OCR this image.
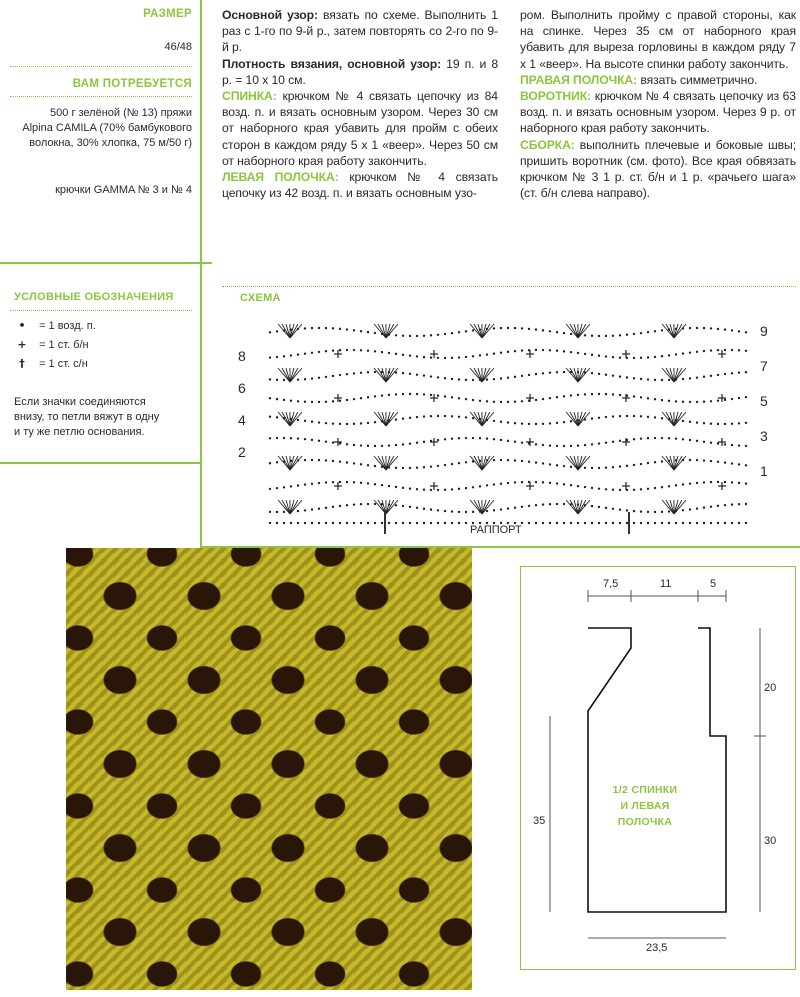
РАЗМЕР
46/48
ВАМ ПОТРЕБУЕТСЯ
500 г зелёной (№ 13) пряжи
Alpina CAMILA (70% бамбукового
волокна, 30% хлопка, 75 м/50 г)
крючки GAMMA № 3 и № 4
УСЛОВНЫЕ ОБОЗНАЧЕНИЯ
• = 1 возд. п.
+ = 1 ст. б/н
† = 1 ст. с/н
Если значки соединяются
внизу, то петли вяжут в одну
и ту же петлю основания.

Основной узор: вязать по схеме. Выполнить 1 раз с 1-го по 9-й р., затем повторять со 2-го по 9-й р.

Плотность вязания, основной узор: 19 п. и 8 р. = 10 х 10 см.

СПИНКА: крючком № 4 связать цепочку из 84 возд. п. и вязать основным узором. Через 30 см от наборного края убавить для пройм с обеих сторон в каждом ряду 5 х 1 «веер». Через 50 см от наборного края работу закончить.

ЛЕВАЯ ПОЛОЧКА: крючком № 4 связать цепочку из 42 возд. п. и вязать основным узо-

ром. Выполнить пройму с правой стороны, как на спинке. Через 35 см от наборного края убавить для выреза горловины в каждом ряду 7 х 1 «веер». На высоте спинки работу закончить.

ПРАВАЯ ПОЛОЧКА: вязать симметрично.

ВОРОТНИК: крючком № 4 связать цепочку из 63 возд. п. и вязать основным узором. Через 9 р. от наборного края работу закончить.

СБОРКА: выполнить плечевые и боковые швы; пришить воротник (см. фото). Все края обвязать крючком № 3 1 р. ст. б/н и 1 р. «рачьего шага» (ст. б/н слева направо).

СХЕМА
8
6
4
2
9
7
5
3
1
РАППОРТ
7,5	11	5
35
20
30
23,5
1/2 СПИНКИ
И ЛЕВАЯ
ПОЛОЧКА
